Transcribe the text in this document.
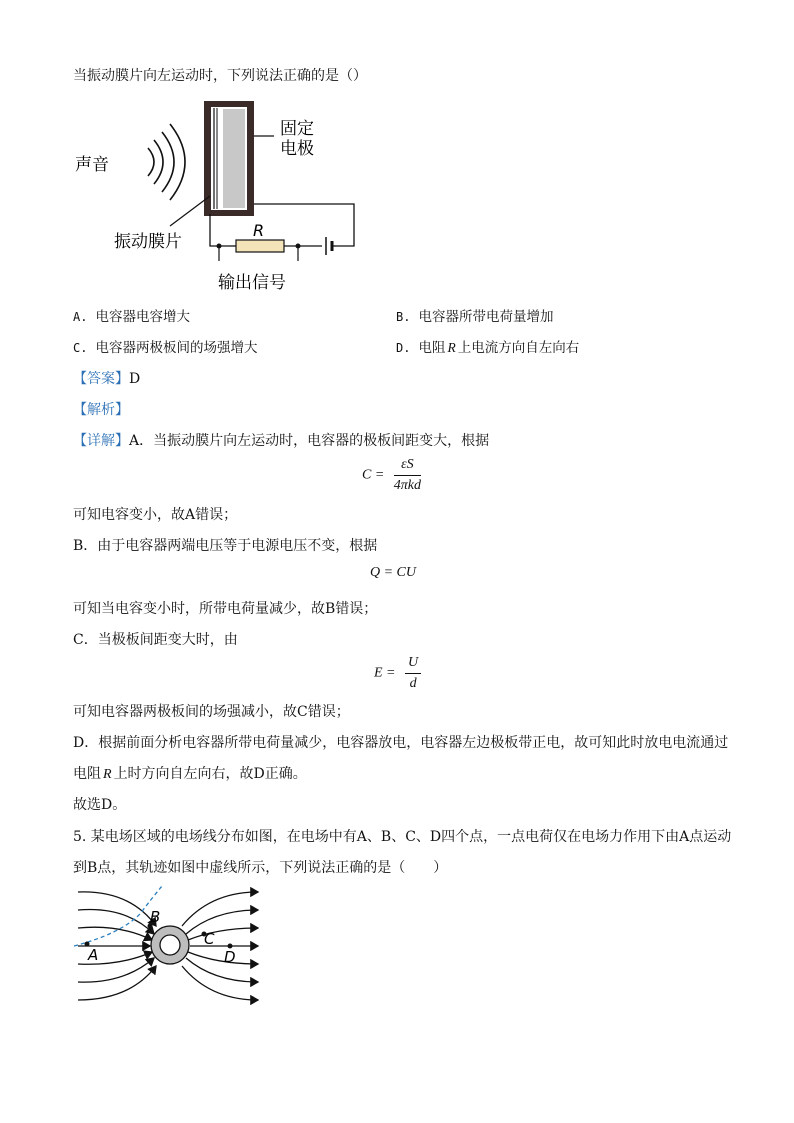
当振动膜片向左运动时，下列说法正确的是（）
声音
固定
电极
振动膜片
R
输出信号
A. 电容器电容增大	B. 电容器所带电荷量增加
C. 电容器两极板间的场强增大	D. 电阻 R 上电流方向自左向右
【答案】D
【解析】
【详解】A．当振动膜片向左运动时，电容器的极板间距变大，根据
$C = \frac{\varepsilon S}{\text{4πkd}}$
可知电容变小，故A错误；
B．由于电容器两端电压等于电源电压不变，根据
Q = CU
可知当电容变小时，所带电荷量减少，故B错误；
C．当极板间距变大时，由
$E = \frac{U}{d}$
可知电容器两极板间的场强减小，故C错误；
D．根据前面分析电容器所带电荷量减少，电容器放电，电容器左边极板带正电，故可知此时放电电流通过
电阻 R 上时方向自左向右，故D正确。
故选D。
5. 某电场区域的电场线分布如图，在电场中有A、B、C、D四个点，一点电荷仅在电场力作用下由A点运动
到B点，其轨迹如图中虚线所示，下列说法正确的是（　　）
A
B
C
D
